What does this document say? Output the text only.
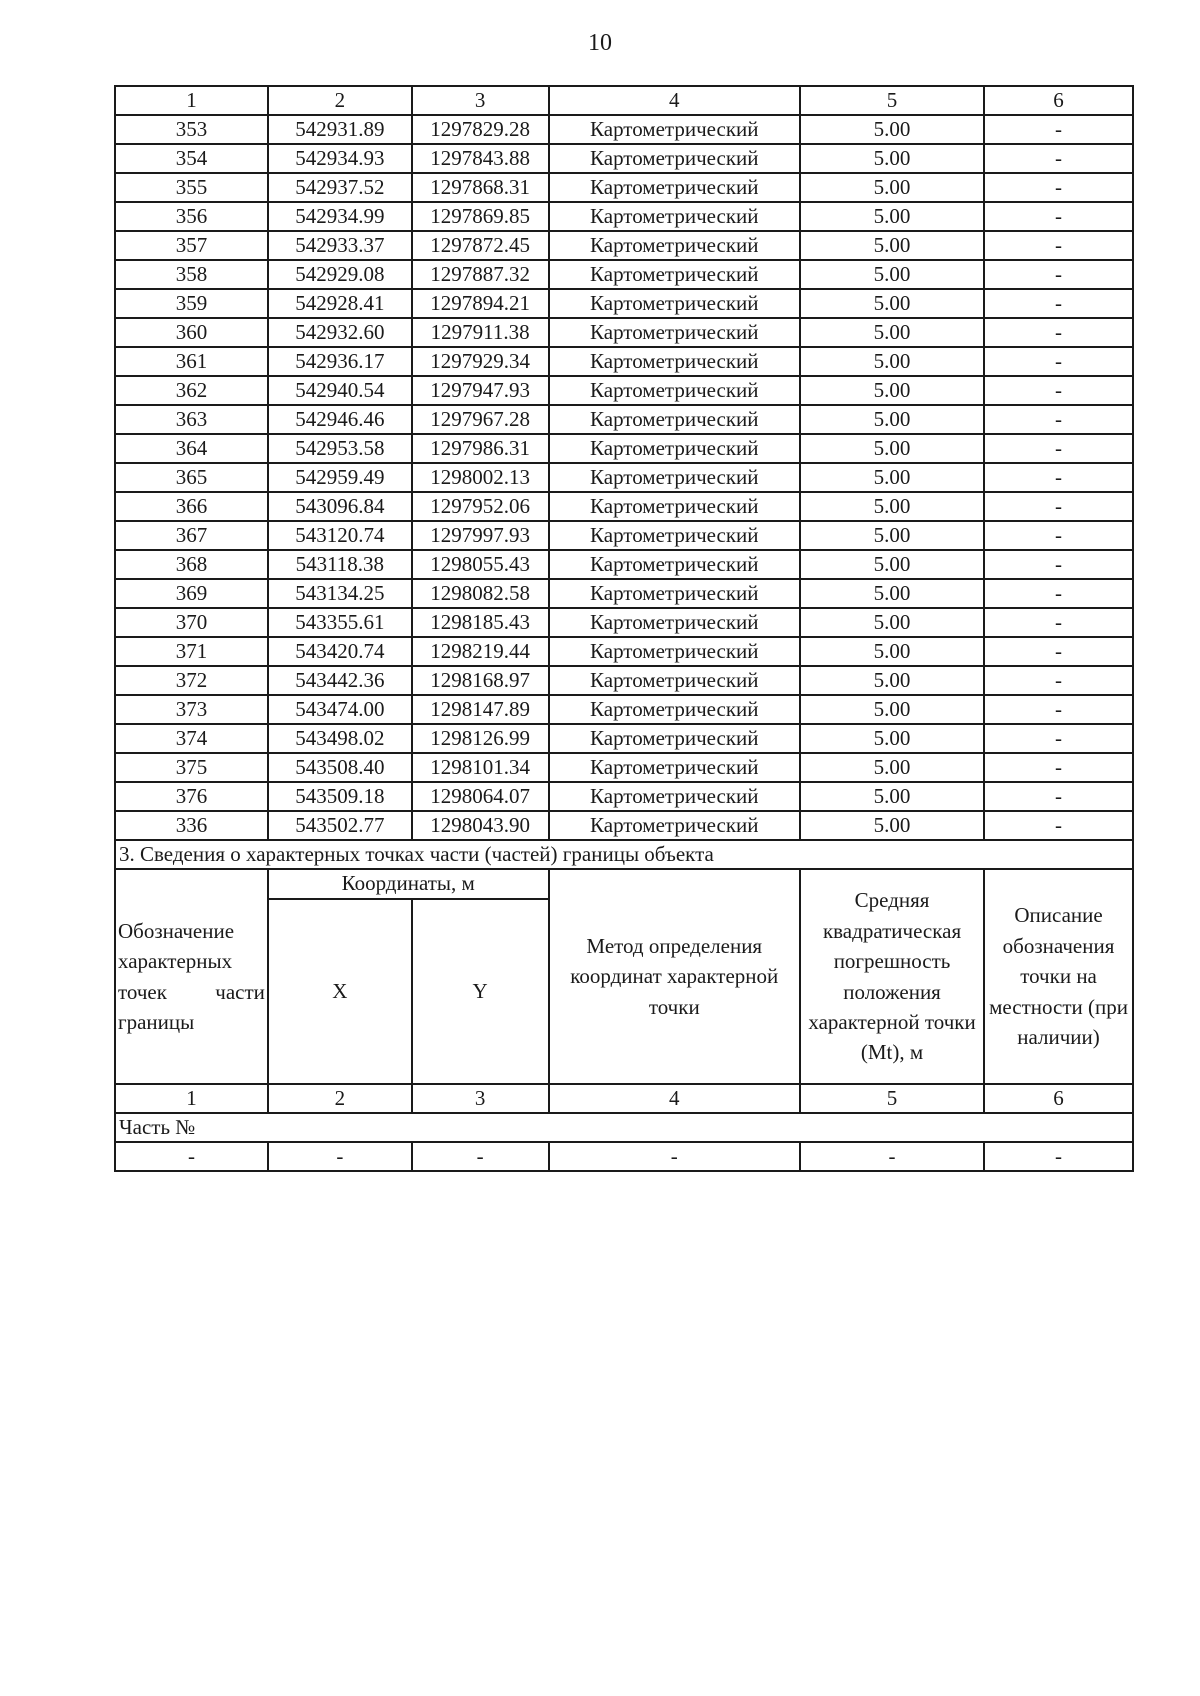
10
1	2	3	4	5	6
353	542931.89	1297829.28	Картометрический	5.00	-
354	542934.93	1297843.88	Картометрический	5.00	-
355	542937.52	1297868.31	Картометрический	5.00	-
356	542934.99	1297869.85	Картометрический	5.00	-
357	542933.37	1297872.45	Картометрический	5.00	-
358	542929.08	1297887.32	Картометрический	5.00	-
359	542928.41	1297894.21	Картометрический	5.00	-
360	542932.60	1297911.38	Картометрический	5.00	-
361	542936.17	1297929.34	Картометрический	5.00	-
362	542940.54	1297947.93	Картометрический	5.00	-
363	542946.46	1297967.28	Картометрический	5.00	-
364	542953.58	1297986.31	Картометрический	5.00	-
365	542959.49	1298002.13	Картометрический	5.00	-
366	543096.84	1297952.06	Картометрический	5.00	-
367	543120.74	1297997.93	Картометрический	5.00	-
368	543118.38	1298055.43	Картометрический	5.00	-
369	543134.25	1298082.58	Картометрический	5.00	-
370	543355.61	1298185.43	Картометрический	5.00	-
371	543420.74	1298219.44	Картометрический	5.00	-
372	543442.36	1298168.97	Картометрический	5.00	-
373	543474.00	1298147.89	Картометрический	5.00	-
374	543498.02	1298126.99	Картометрический	5.00	-
375	543508.40	1298101.34	Картометрический	5.00	-
376	543509.18	1298064.07	Картометрический	5.00	-
336	543502.77	1298043.90	Картометрический	5.00	-
3. Сведения о характерных точках части (частей) границы объекта					
Обозначение характерных точек части границы	Координаты, м		Метод определения координат характерной точки	Средняя квадратическая погрешность положения характерной точки (Mt), м	Описание обозначения точки на местности (при наличии)
	X	Y			
1	2	3	4	5	6
Часть №					
-	-	-	-	-	-
